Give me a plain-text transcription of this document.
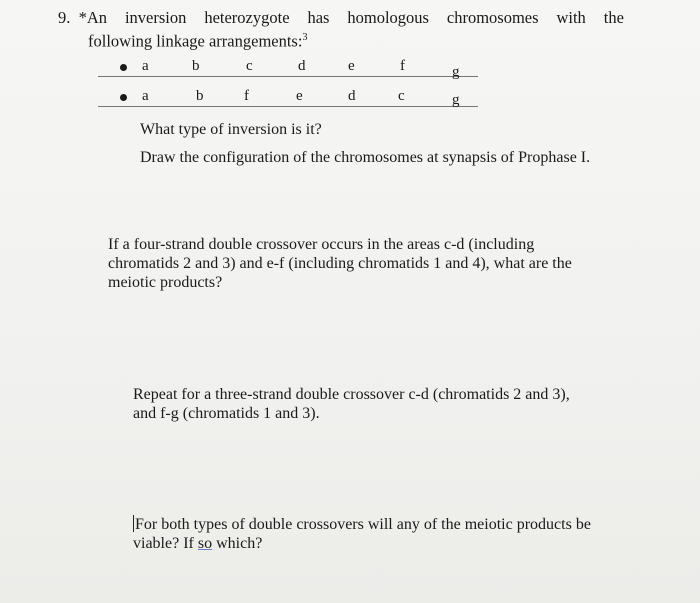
9. *An inversion heterozygote has homologous chromosomes with the
following linkage arrangements:$^3$
a	b	c	d	e	f	g
a	b	f	e	d	c	g
What type of inversion is it?
Draw the configuration of the chromosomes at synapsis of Prophase I.
If a four-strand double crossover occurs in the areas c-d (including
chromatids 2 and 3) and e-f (including chromatids 1 and 4), what are the
meiotic products?
Repeat for a three-strand double crossover c-d (chromatids 2 and 3),
and f-g (chromatids 1 and 3).
For both types of double crossovers will any of the meiotic products be
viable? If so which?
